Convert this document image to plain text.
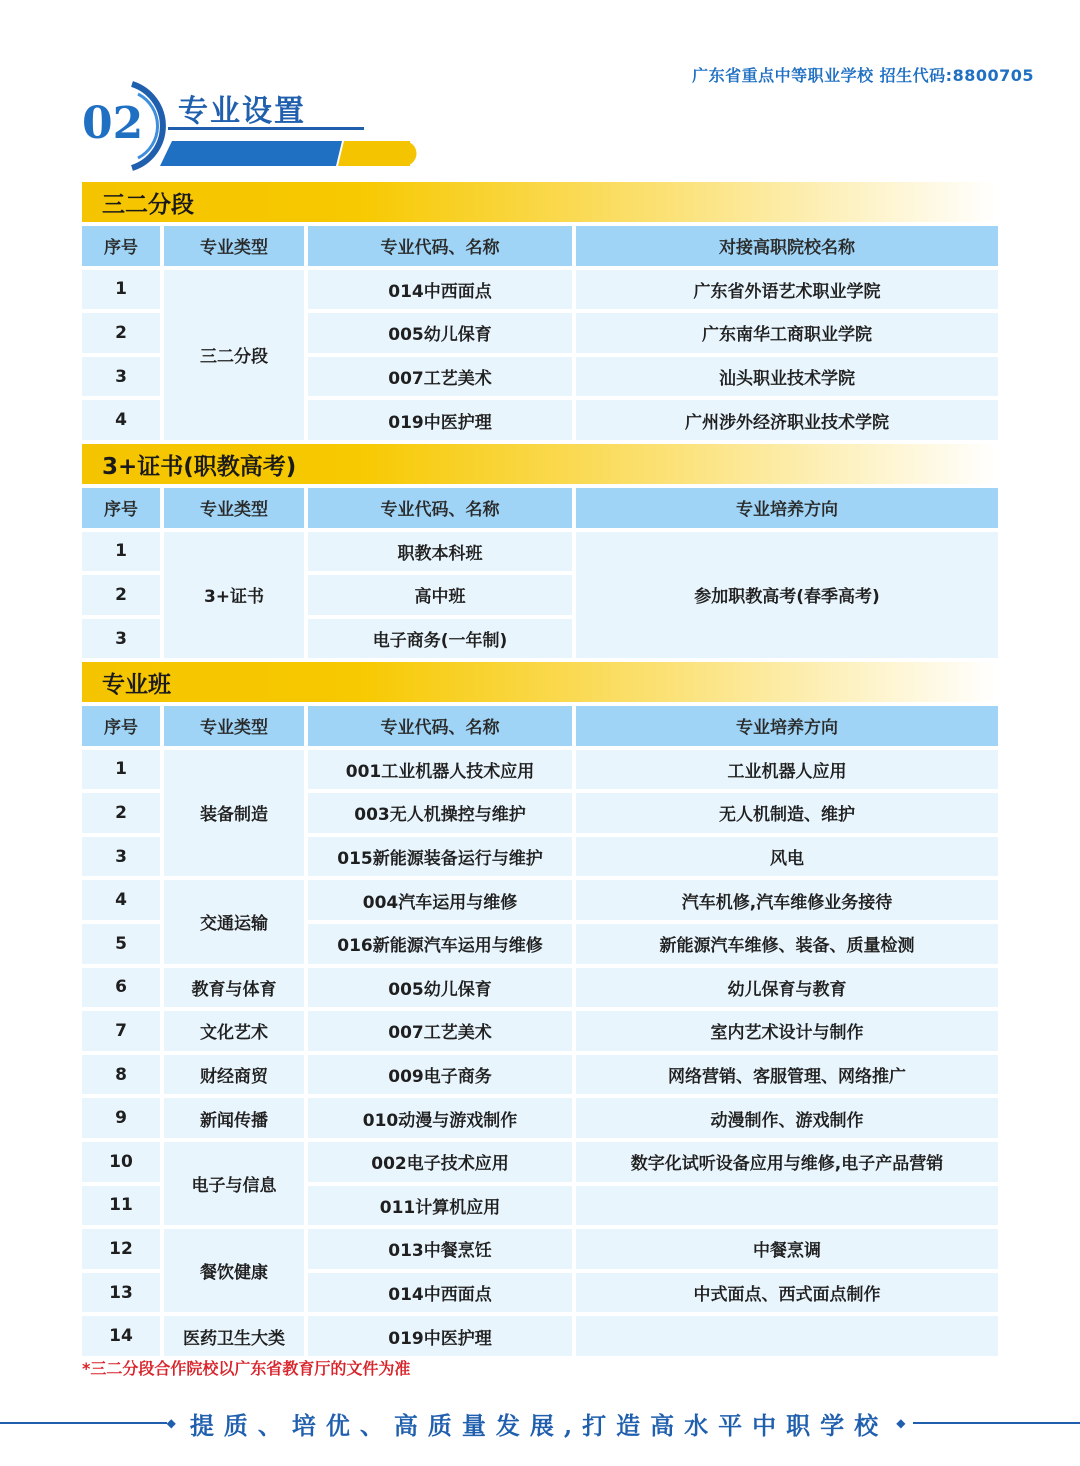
广东省重点中等职业学校 招生代码:8800705
02 专业设置
三二分段
序号	专业类型	专业代码、名称	对接高职院校名称
1	三二分段	014中西面点	广东省外语艺术职业学院
2		005幼儿保育	广东南华工商职业学院
3		007工艺美术	汕头职业技术学院
4		019中医护理	广州涉外经济职业技术学院
3+证书(职教高考)
序号	专业类型	专业代码、名称	专业培养方向
1	3+证书	职教本科班	参加职教高考(春季高考)
2		高中班	
3		电子商务(一年制)	
专业班
序号	专业类型	专业代码、名称	专业培养方向
1	装备制造	001工业机器人技术应用	工业机器人应用
2		003无人机操控与维护	无人机制造、维护
3		015新能源装备运行与维护	风电
4	交通运输	004汽车运用与维修	汽车机修,汽车维修业务接待
5		016新能源汽车运用与维修	新能源汽车维修、装备、质量检测
6	教育与体育	005幼儿保育	幼儿保育与教育
7	文化艺术	007工艺美术	室内艺术设计与制作
8	财经商贸	009电子商务	网络营销、客服管理、网络推广
9	新闻传播	010动漫与游戏制作	动漫制作、游戏制作
10	电子与信息	002电子技术应用	数字化试听设备应用与维修,电子产品营销
11		011计算机应用	
12	餐饮健康	013中餐烹饪	中餐烹调
13		014中西面点	中式面点、西式面点制作
14	医药卫生大类	019中医护理	
*三二分段合作院校以广东省教育厅的文件为准
◆ 提质、培优、高质量发展,打造高水平中职学校 ◆
